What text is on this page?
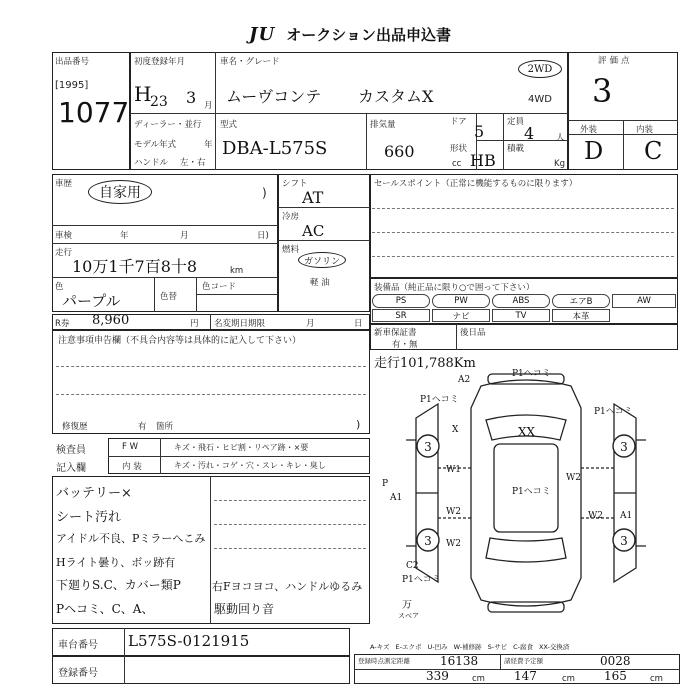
JU オークション出品申込書
出品番号
[1995]
1077
初度登録年月
H
23 3 月
車名・グレード
ムーヴコンテ カスタムX
2WD
4WD
ディーラー・並行
モデル年式	年
ハンドル 左・右
型式
DBA-L575S
排気量
660
cc
ドア 5	定員
4	人
形状
HB
積載
Kg
評価点
3
外装	内装
D C
車歴
自家用	)
車検	年	月	日)
走行
10万1千7百8十8	km
色
パープル	色替
色コード
シフト
AT
冷房
AC
燃料
ガソリン
軽 油
セールスポイント（正常に機能するものに限ります）
装備品（純正品に限り○で囲って下さい）
PS	PW	ABS	エアB	AW
SR	ナビ	TV	本革
R券 8,960	円 名変期日期限	月	日
新車保証書
有・無
後日品
走行101,788Km
注意事項申告欄（不具合内容等は具体的に記入して下さい）
修復歴	有 箇所	)
検査員
記入欄
F W	キズ・飛石・ヒビ割・リペア跡・×要
内 装	キズ・汚れ・コゲ・穴・スレ・キレ・臭し
バッテリー×
シート汚れ
アイドル不良、Pミラーへこみ
Hライト曇り、ボッ跡有
下廻りS.C、カバー類P
Pヘコミ、C、A、
右Fヨコヨコ、ハンドルゆるみ
駆動回り音
3	3
3	3
P1ヘコミ
A2
P1ヘコミ
P1ヘコミ
XX
X
W1
W2
W2
W2
P1ヘコミ
W2 A1
P
A1
C2
P1ヘコミ
万
スベア
車台番号 L575S-0121915
登録番号
A-キズ E-エクボ U-凹み W-補修跡 S-サビ C-腐食 XX-交換済
登録時点測定距離	16138	諸経費予定額	0028
339	cm 147	cm 165	cm
